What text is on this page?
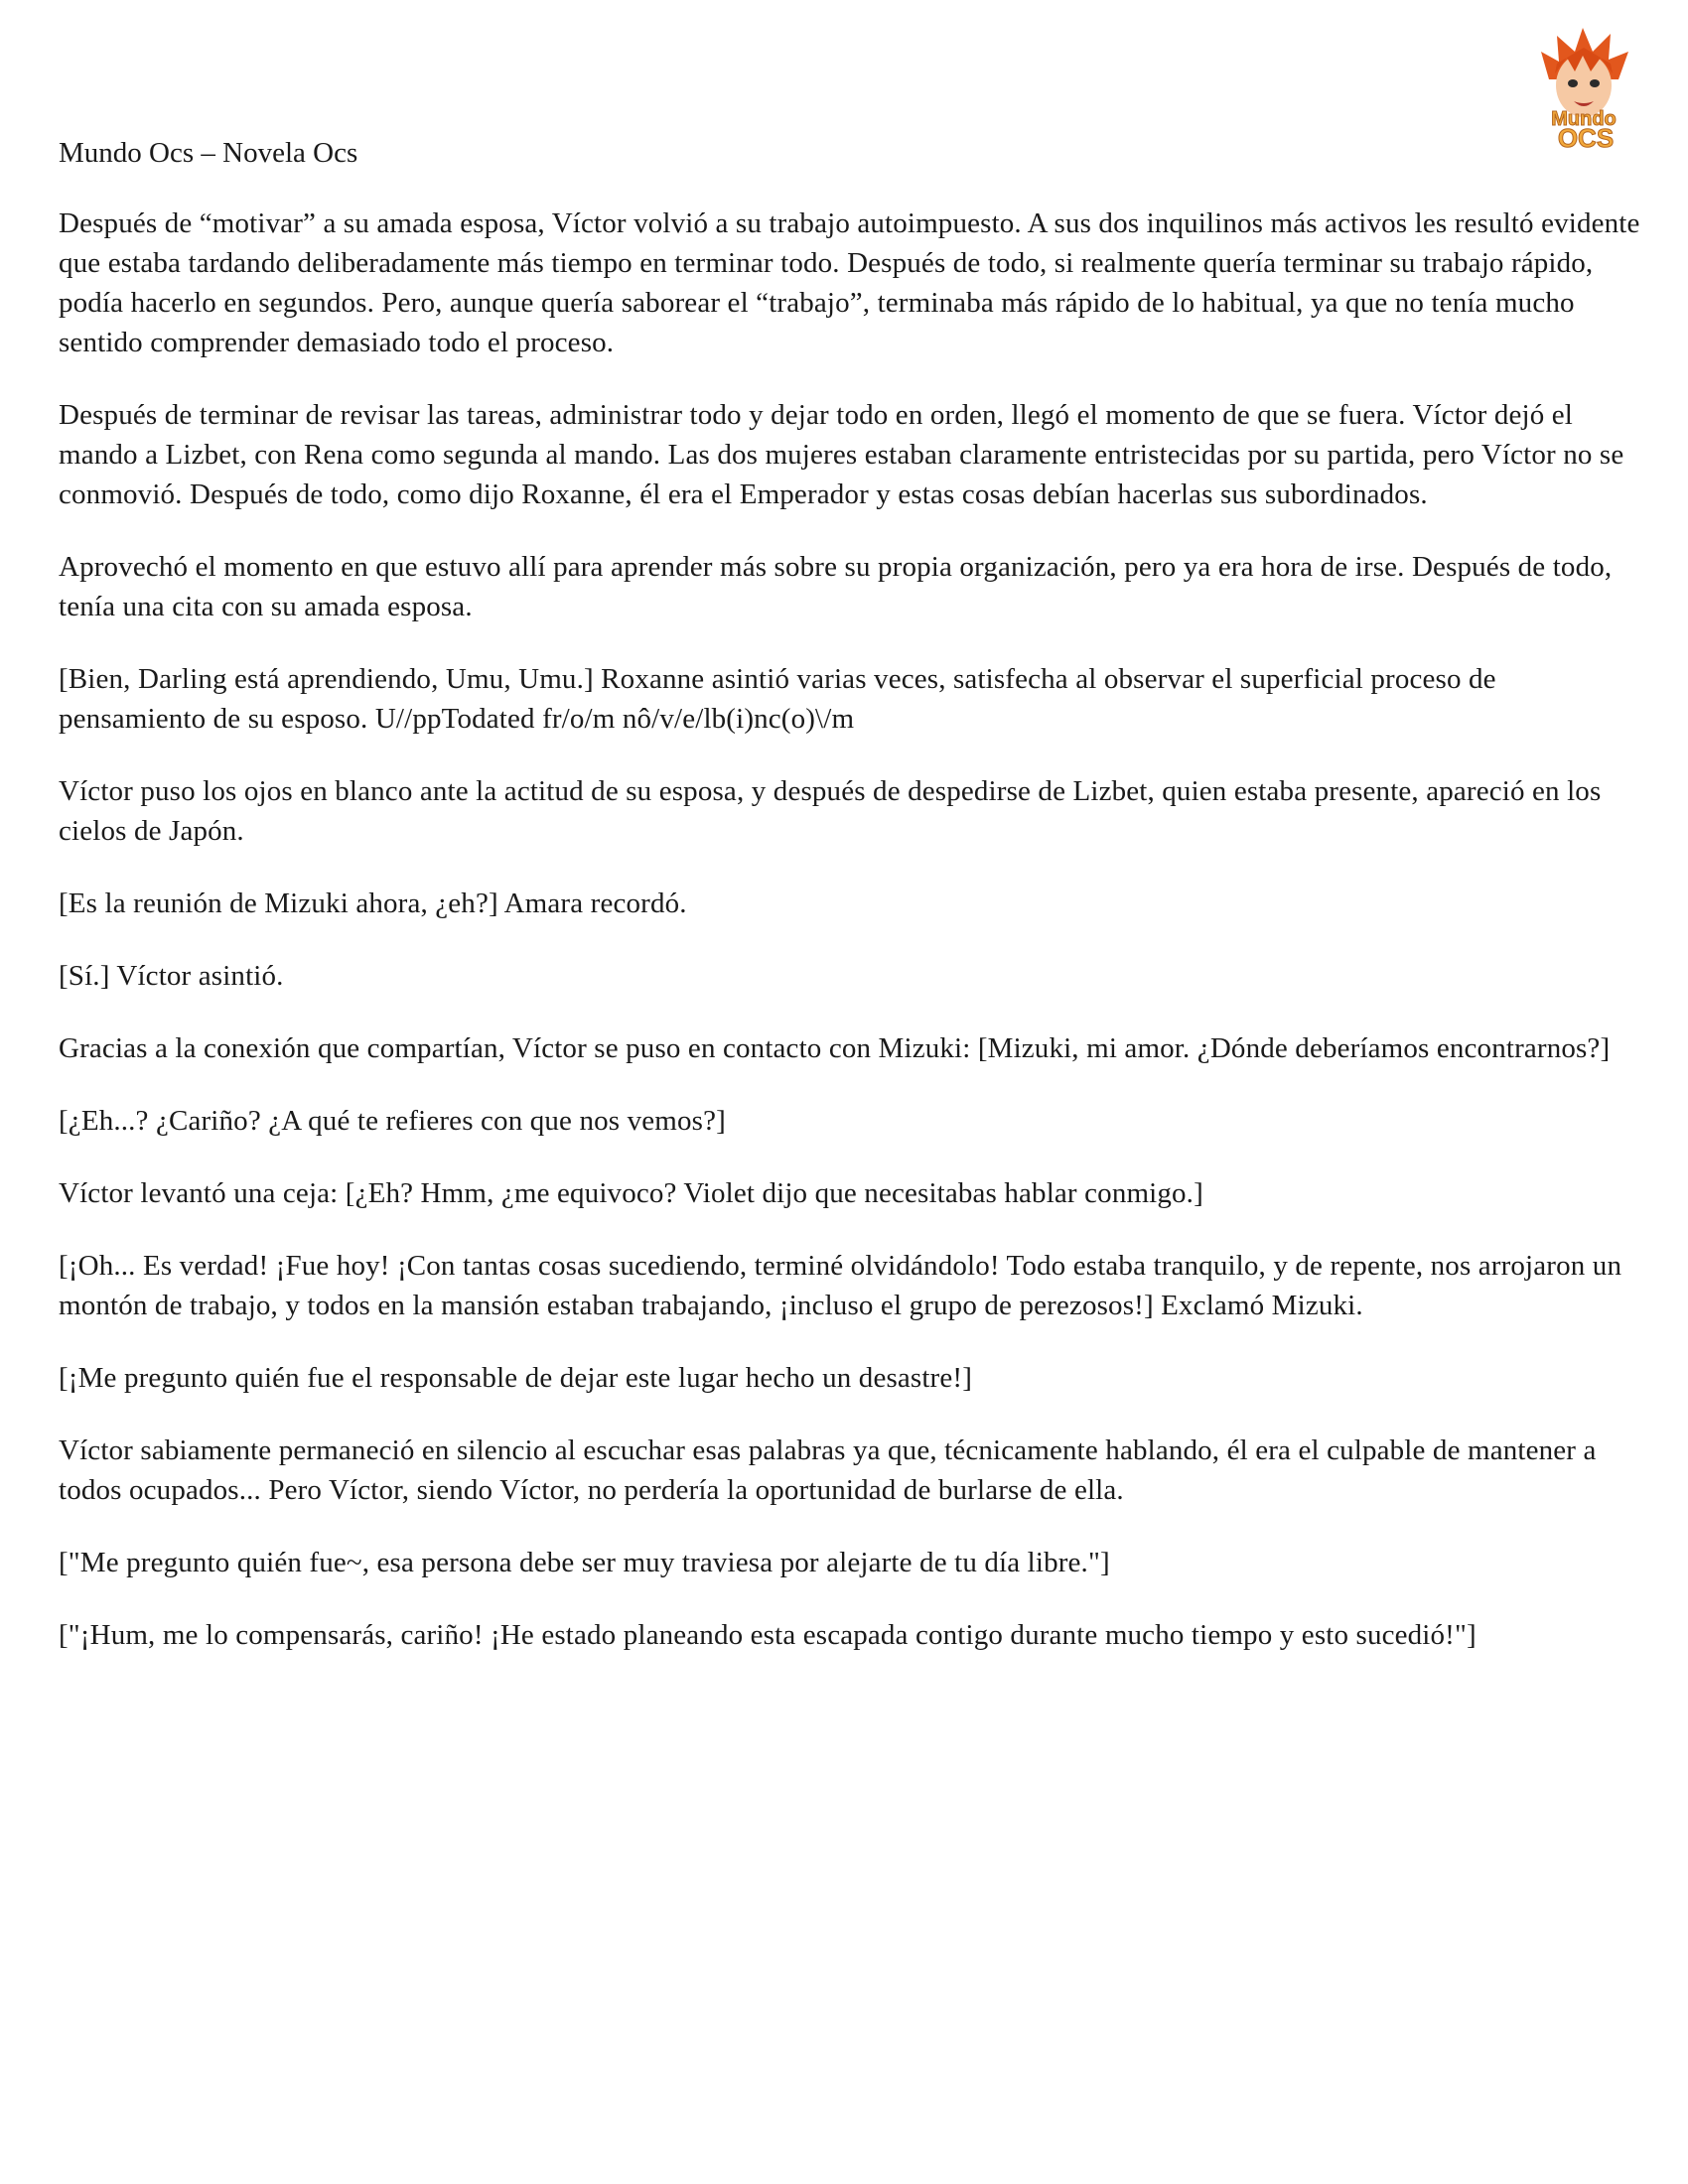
Mundo
OCS

Mundo Ocs – Novela Ocs

Después de “motivar” a su amada esposa, Víctor volvió a su trabajo autoimpuesto. A sus dos inquilinos más activos les resultó evidente que estaba tardando deliberadamente más tiempo en terminar todo. Después de todo, si realmente quería terminar su trabajo rápido, podía hacerlo en segundos. Pero, aunque quería saborear el “trabajo”, terminaba más rápido de lo habitual, ya que no tenía mucho sentido comprender demasiado todo el proceso.

Después de terminar de revisar las tareas, administrar todo y dejar todo en orden, llegó el momento de que se fuera. Víctor dejó el mando a Lizbet, con Rena como segunda al mando. Las dos mujeres estaban claramente entristecidas por su partida, pero Víctor no se conmovió. Después de todo, como dijo Roxanne, él era el Emperador y estas cosas debían hacerlas sus subordinados.

Aprovechó el momento en que estuvo allí para aprender más sobre su propia organización, pero ya era hora de irse. Después de todo, tenía una cita con su amada esposa.

[Bien, Darling está aprendiendo, Umu, Umu.] Roxanne asintió varias veces, satisfecha al observar el superficial proceso de pensamiento de su esposo. U//ppTodated fr/o/m nô/v/e/lb(i)nc(o)\/m

Víctor puso los ojos en blanco ante la actitud de su esposa, y después de despedirse de Lizbet, quien estaba presente, apareció en los cielos de Japón.

[Es la reunión de Mizuki ahora, ¿eh?] Amara recordó.

[Sí.] Víctor asintió.

Gracias a la conexión que compartían, Víctor se puso en contacto con Mizuki: [Mizuki, mi amor. ¿Dónde deberíamos encontrarnos?]

[¿Eh...? ¿Cariño? ¿A qué te refieres con que nos vemos?]

Víctor levantó una ceja: [¿Eh? Hmm, ¿me equivoco? Violet dijo que necesitabas hablar conmigo.]

[¡Oh... Es verdad! ¡Fue hoy! ¡Con tantas cosas sucediendo, terminé olvidándolo! Todo estaba tranquilo, y de repente, nos arrojaron un montón de trabajo, y todos en la mansión estaban trabajando, ¡incluso el grupo de perezosos!] Exclamó Mizuki.

[¡Me pregunto quién fue el responsable de dejar este lugar hecho un desastre!]

Víctor sabiamente permaneció en silencio al escuchar esas palabras ya que, técnicamente hablando, él era el culpable de mantener a todos ocupados... Pero Víctor, siendo Víctor, no perdería la oportunidad de burlarse de ella.

["Me pregunto quién fue~, esa persona debe ser muy traviesa por alejarte de tu día libre."]

["¡Hum, me lo compensarás, cariño! ¡He estado planeando esta escapada contigo durante mucho tiempo y esto sucedió!"]
